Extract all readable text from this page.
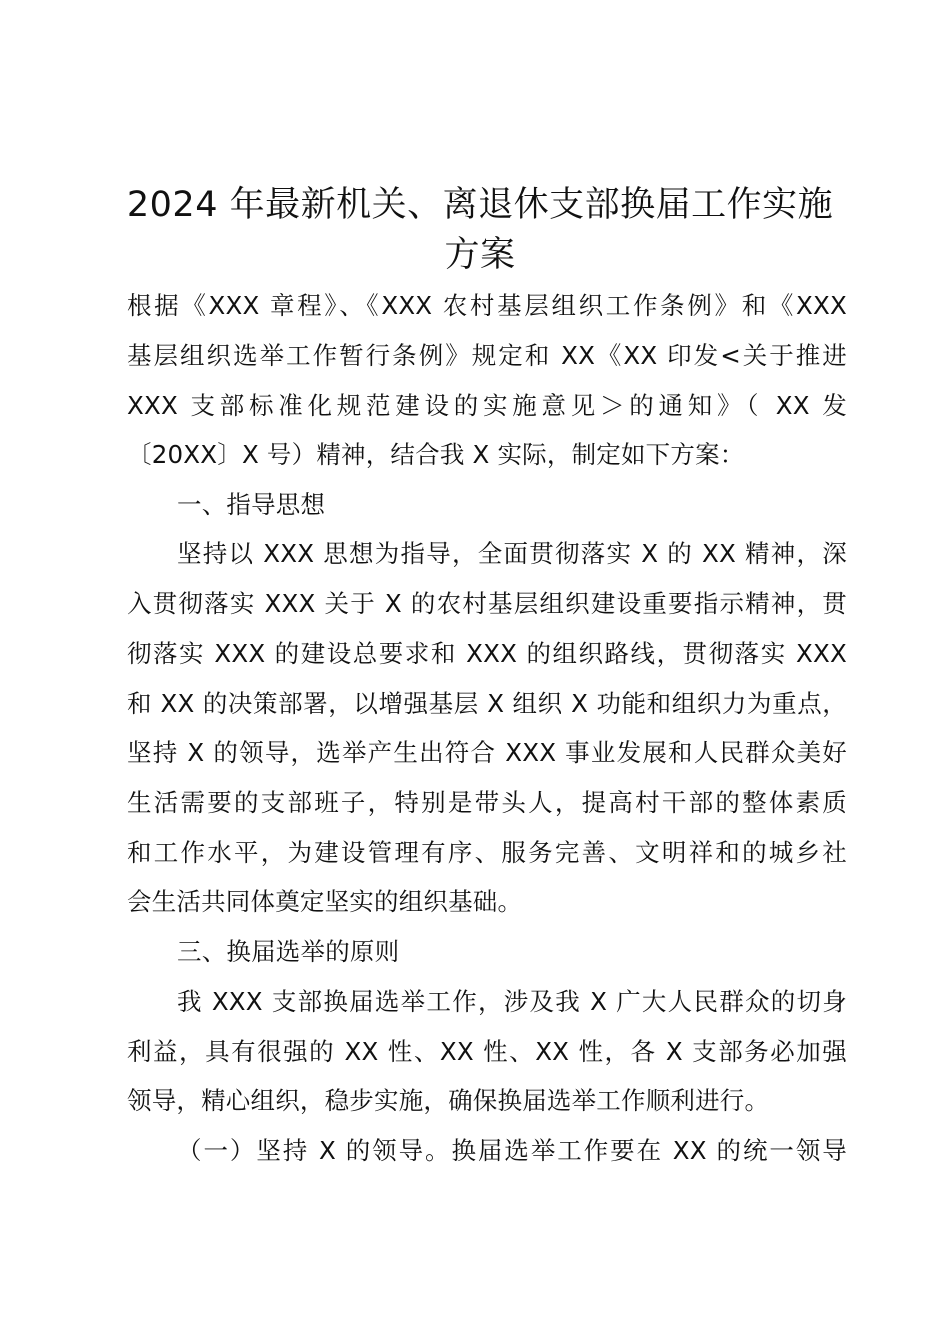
2024 年最新机关、离退休支部换届工作实施
方案
根据《XXX 章程》、《XXX 农村基层组织工作条例》和《XXX
基层组织选举工作暂行条例》规定和 XX《XX 印发<关于推进
XXX 支部标准化规范建设的实施意见＞的通知》（ XX 发
〔20XX〕X 号）精神，结合我 X 实际，制定如下方案：
一、指导思想
坚持以 XXX 思想为指导，全面贯彻落实 X 的 XX 精神，深
入贯彻落实 XXX 关于 X 的农村基层组织建设重要指示精神，贯
彻落实 XXX 的建设总要求和 XXX 的组织路线，贯彻落实 XXX
和 XX 的决策部署，以增强基层 X 组织 X 功能和组织力为重点，
坚持 X 的领导，选举产生出符合 XXX 事业发展和人民群众美好
生活需要的支部班子，特别是带头人，提高村干部的整体素质
和工作水平，为建设管理有序、服务完善、文明祥和的城乡社
会生活共同体奠定坚实的组织基础。
三、换届选举的原则
我 XXX 支部换届选举工作，涉及我 X 广大人民群众的切身
利益，具有很强的 XX 性、XX 性、XX 性，各 X 支部务必加强
领导，精心组织，稳步实施，确保换届选举工作顺利进行。
（一）坚持 X 的领导。换届选举工作要在 XX 的统一领导
